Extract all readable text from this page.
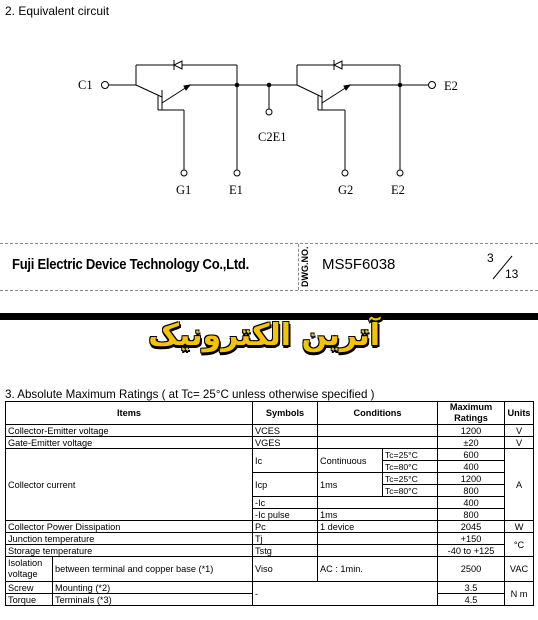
2. Equivalent circuit
C1	E2
C2E1
G1	E1	G2	E2
Fuji Electric Device Technology Co.,Ltd.	DWG.NO. MS5F6038	3
13
آترین الکترونیک
3. Absolute Maximum Ratings ( at Tc= 25°C unless otherwise specified )
Items		Symbols	Conditions		Maximum Ratings	Units
Collector-Emitter voltage		VCES			1200	V
Gate-Emitter voltage		VGES			±20	V
Collector current		Ic	Continuous	Tc=25°C	600	A
				Tc=80°C	400	
		Icp	1ms	Tc=25°C	1200	
				Tc=80°C	800	
		-Ic			400	
		-Ic pulse	1ms		800	
Collector Power Dissipation		Pc	1 device		2045	W
Junction temperature		Tj			+150	°C
Storage temperature		Tstg			-40 to +125	
Isolation voltage	between terminal and copper base (*1)	Viso	AC : 1min.		2500	VAC
Screw	Mounting (*2)	-			3.5	N m
Torque	Terminals (*3)				4.5	
